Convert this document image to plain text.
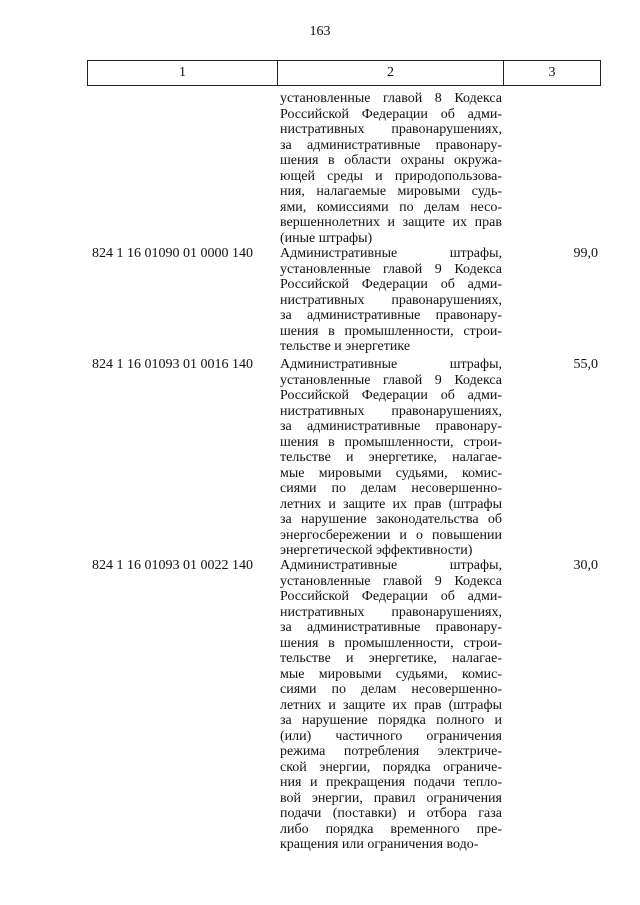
163
1	2	3
установленные главой 8 Кодекса
Российской Федерации об адми-
нистративных правонарушениях,
за административные правонару-
шения в области охраны окружа-
ющей среды и природопользова-
ния, налагаемые мировыми судь-
ями, комиссиями по делам несо-
вершеннолетних и защите их прав
(иные штрафы)
824 1 16 01090 01 0000 140 Административные штрафы,
установленные главой 9 Кодекса
Российской Федерации об адми-
нистративных правонарушениях,
за административные правонару-
шения в промышленности, строи-
тельстве и энергетике
99,0
824 1 16 01093 01 0016 140 Административные штрафы,
установленные главой 9 Кодекса
Российской Федерации об адми-
нистративных правонарушениях,
за административные правонару-
шения в промышленности, строи-
тельстве и энергетике, налагае-
мые мировыми судьями, комис-
сиями по делам несовершенно-
летних и защите их прав (штрафы
за нарушение законодательства об
энергосбережении и о повышении
энергетической эффективности)
55,0
824 1 16 01093 01 0022 140 Административные штрафы,
установленные главой 9 Кодекса
Российской Федерации об адми-
нистративных правонарушениях,
за административные правонару-
шения в промышленности, строи-
тельстве и энергетике, налагае-
мые мировыми судьями, комис-
сиями по делам несовершенно-
летних и защите их прав (штрафы
за нарушение порядка полного и
(или) частичного ограничения
режима потребления электриче-
ской энергии, порядка ограниче-
ния и прекращения подачи тепло-
вой энергии, правил ограничения
подачи (поставки) и отбора газа
либо порядка временного пре-
кращения или ограничения водо-
30,0
